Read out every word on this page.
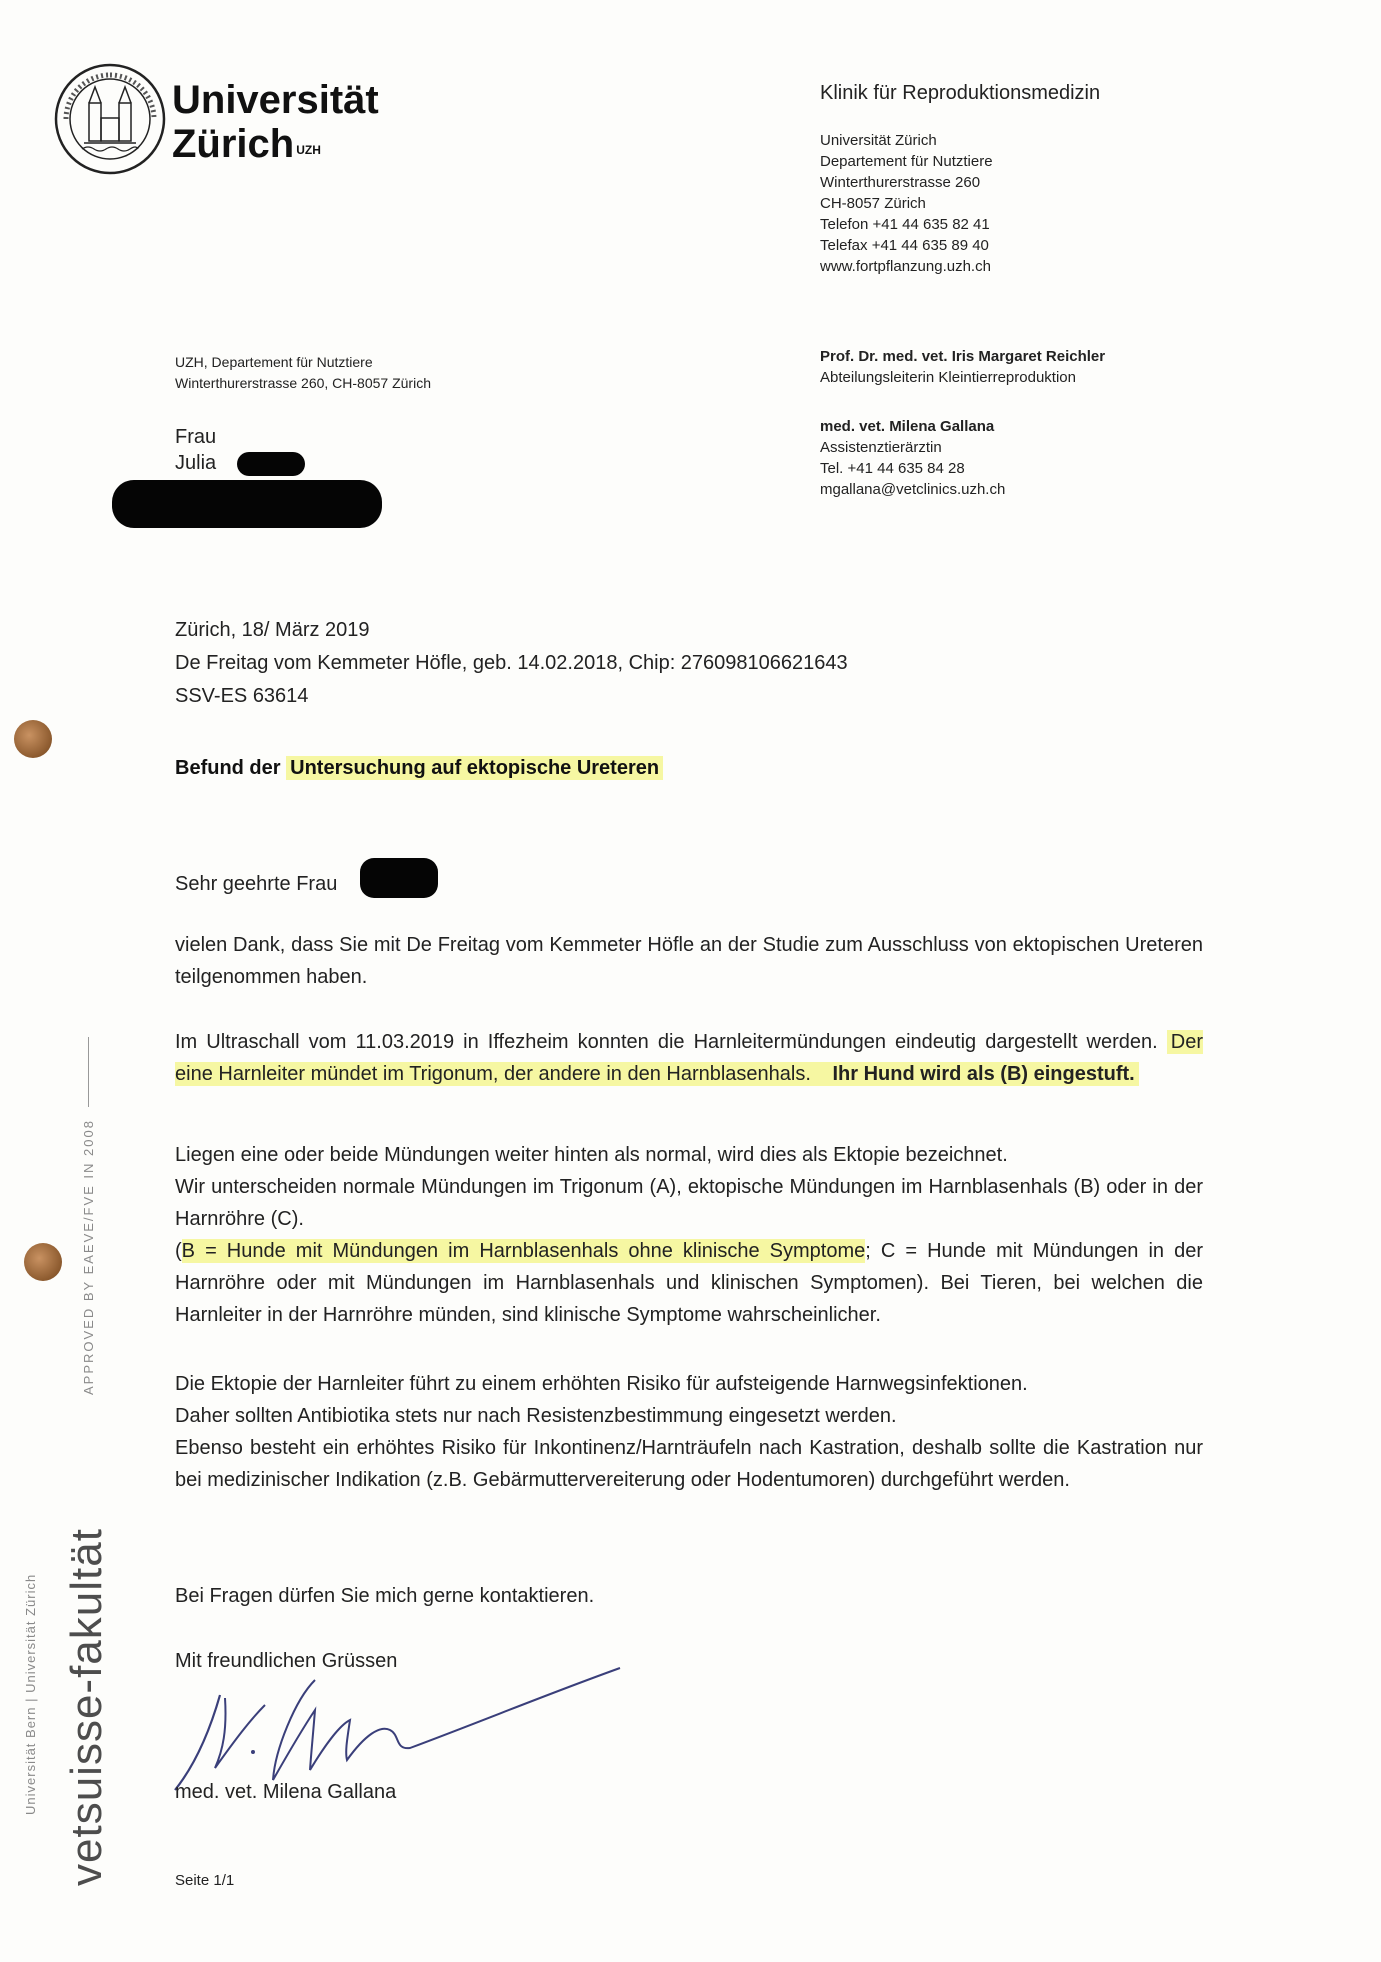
Universität
Zürich $^{UZH}$
Klinik für Reproduktionsmedizin
Universität Zürich
Departement für Nutztiere
Winterthurerstrasse 260
CH-8057 Zürich
Telefon +41 44 635 82 41
Telefax +41 44 635 89 40
www.fortpflanzung.uzh.ch
UZH, Departement für Nutztiere
Winterthurerstrasse 260, CH-8057 Zürich
Prof. Dr. med. vet. Iris Margaret Reichler
Abteilungsleiterin Kleintierreproduktion
med. vet. Milena Gallana
Assistenztierärztin
Tel. +41 44 635 84 28
mgallana@vetclinics.uzh.ch
Frau
Julia
Zürich, 18/ März 2019
De Freitag vom Kemmeter Höfle, geb. 14.02.2018, Chip: 276098106621643
SSV-ES 63614
Befund der Untersuchung auf ektopische Ureteren
Sehr geehrte Frau

vielen Dank, dass Sie mit De Freitag vom Kemmeter Höfle an der Studie zum Ausschluss von ektopischen Ureteren teilgenommen haben.

Im Ultraschall vom 11.03.2019 in Iffezheim konnten die Harnleitermündungen eindeutig dargestellt werden. Der eine Harnleiter mündet im Trigonum, der andere in den Harnblasenhals. Ihr Hund wird als (B) eingestuft.

Liegen eine oder beide Mündungen weiter hinten als normal, wird dies als Ektopie bezeichnet.

Wir unterscheiden normale Mündungen im Trigonum (A), ektopische Mündungen im Harnblasenhals (B) oder in der Harnröhre (C).

(B = Hunde mit Mündungen im Harnblasenhals ohne klinische Symptome; C = Hunde mit Mündungen in der Harnröhre oder mit Mündungen im Harnblasenhals und klinischen Symptomen). Bei Tieren, bei welchen die Harnleiter in der Harnröhre münden, sind klinische Symptome wahrscheinlicher.

Die Ektopie der Harnleiter führt zu einem erhöhten Risiko für aufsteigende Harnwegsinfektionen.

Daher sollten Antibiotika stets nur nach Resistenzbestimmung eingesetzt werden.

Ebenso besteht ein erhöhtes Risiko für Inkontinenz/Harnträufeln nach Kastration, deshalb sollte die Kastration nur bei medizinischer Indikation (z.B. Gebärmuttervereiterung oder Hodentumoren) durchgeführt werden.

Bei Fragen dürfen Sie mich gerne kontaktieren.

Mit freundlichen Grüssen

med. vet. Milena Gallana

Seite 1/1
vetsuisse-fakultät
Universität Bern | Universität Zürich
APPROVED BY EAEVE/FVE IN 2008
